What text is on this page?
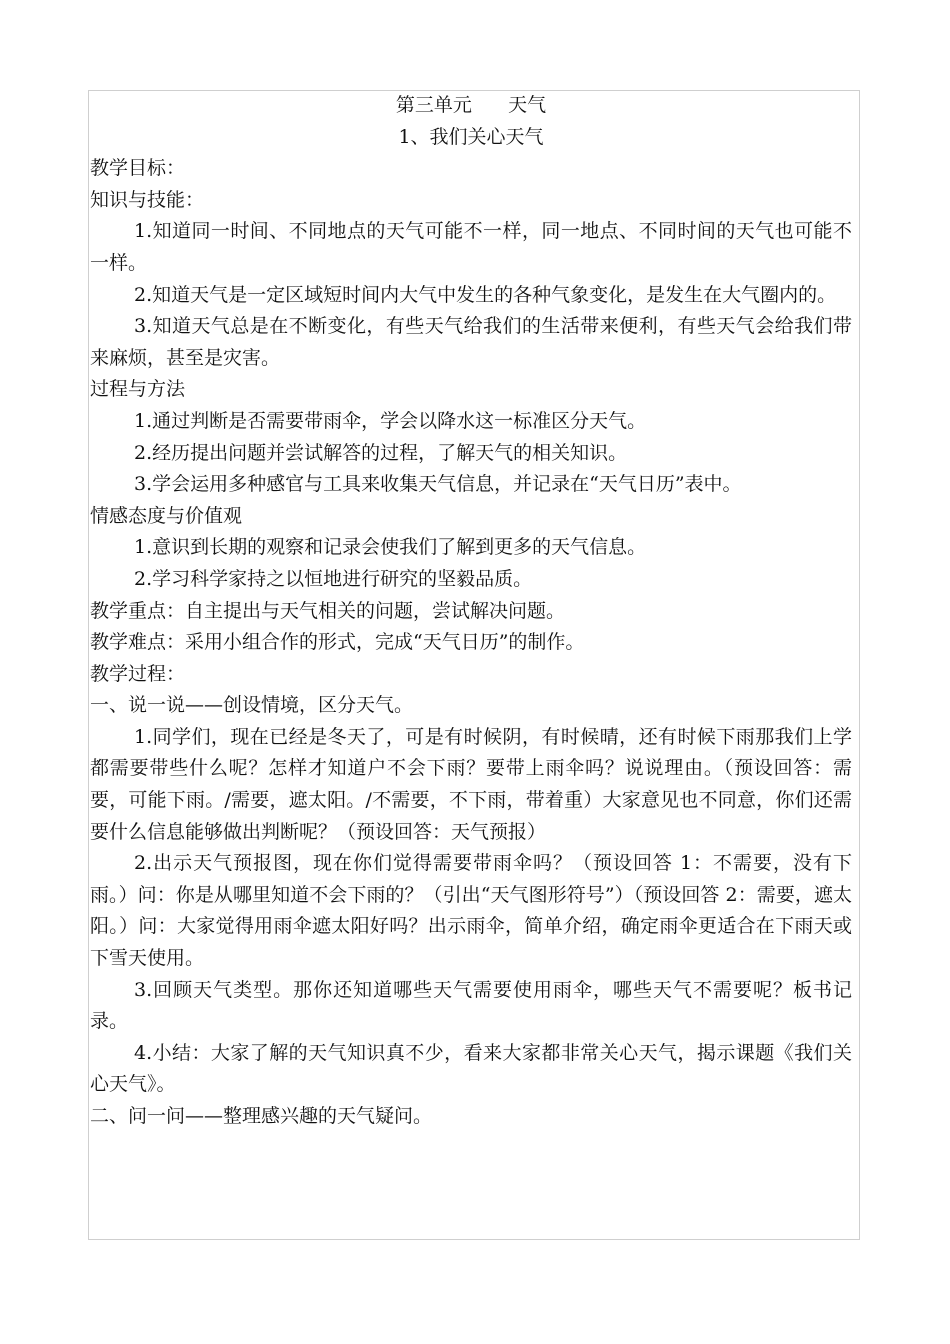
第三单元      天气
1、我们关心天气
教学目标：
知识与技能：
1.知道同一时间、不同地点的天气可能不一样，同一地点、不同时间的天气也可能不一样。
2.知道天气是一定区域短时间内大气中发生的各种气象变化，是发生在大气圈内的。
3.知道天气总是在不断变化，有些天气给我们的生活带来便利，有些天气会给我们带来麻烦，甚至是灾害。
过程与方法
1.通过判断是否需要带雨伞，学会以降水这一标准区分天气。
2.经历提出问题并尝试解答的过程，了解天气的相关知识。
3.学会运用多种感官与工具来收集天气信息，并记录在“天气日历”表中。
情感态度与价值观
1.意识到长期的观察和记录会使我们了解到更多的天气信息。
2.学习科学家持之以恒地进行研究的坚毅品质。
教学重点：自主提出与天气相关的问题，尝试解决问题。
教学难点：采用小组合作的形式，完成“天气日历”的制作。
教学过程：
一、说一说——创设情境，区分天气。
1.同学们，现在已经是冬天了，可是有时候阴，有时候晴，还有时候下雨那我们上学都需要带些什么呢？怎样才知道户不会下雨？要带上雨伞吗？说说理由。（预设回答：需要，可能下雨。/需要，遮太阳。/不需要，不下雨，带着重）大家意见也不同意，你们还需要什么信息能够做出判断呢？（预设回答：天气预报）
2.出示天气预报图，现在你们觉得需要带雨伞吗？（预设回答 1：不需要，没有下雨。）问：你是从哪里知道不会下雨的？（引出“天气图形符号”）（预设回答 2：需要，遮太阳。）问：大家觉得用雨伞遮太阳好吗？出示雨伞，简单介绍，确定雨伞更适合在下雨天或下雪天使用。
3.回顾天气类型。那你还知道哪些天气需要使用雨伞，哪些天气不需要呢？板书记录。
4.小结：大家了解的天气知识真不少，看来大家都非常关心天气，揭示课题《我们关心天气》。
二、问一问——整理感兴趣的天气疑问。
